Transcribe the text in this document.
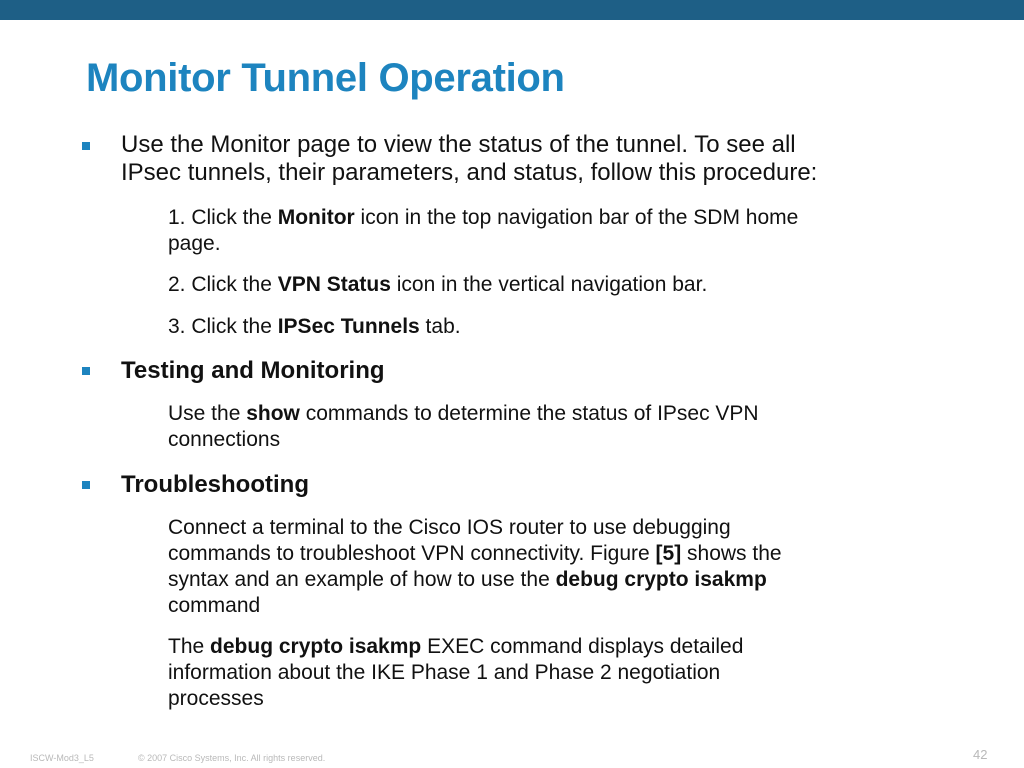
Monitor Tunnel Operation
Use the Monitor page to view the status of the tunnel. To see all
IPsec tunnels, their parameters, and status, follow this procedure:
1. Click the Monitor icon in the top navigation bar of the SDM home
page.
2. Click the VPN Status icon in the vertical navigation bar.
3. Click the IPSec Tunnels tab.
Testing and Monitoring
Use the show commands to determine the status of IPsec VPN
connections
Troubleshooting
Connect a terminal to the Cisco IOS router to use debugging
commands to troubleshoot VPN connectivity. Figure [5] shows the
syntax and an example of how to use the debug crypto isakmp
command
The debug crypto isakmp EXEC command displays detailed
information about the IKE Phase 1 and Phase 2 negotiation
processes
ISCW-Mod3_L5	© 2007 Cisco Systems, Inc. All rights reserved.	42
